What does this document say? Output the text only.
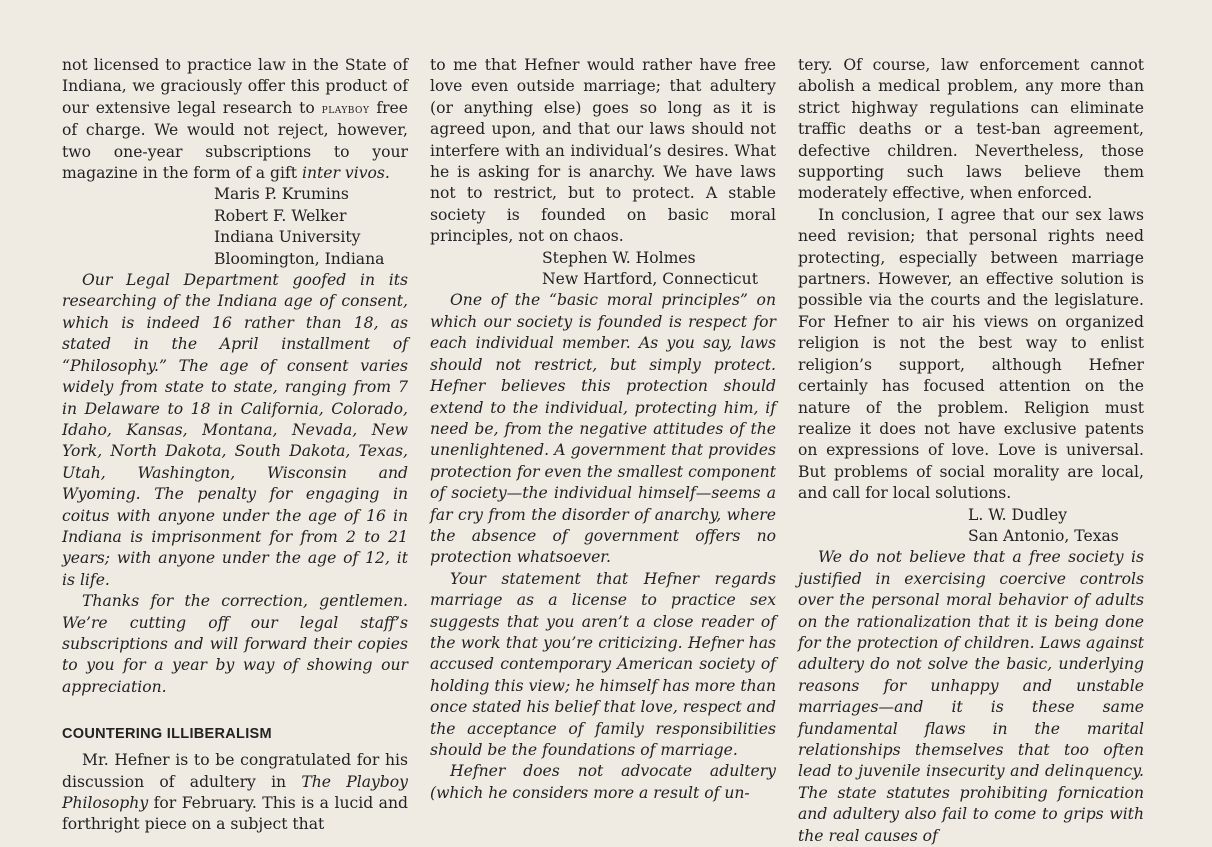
not licensed to practice law in the State of Indiana, we graciously offer this product of our extensive legal research to playboy free of charge. We would not reject, however, two one-year subscriptions to your magazine in the form of a gift inter vivos.

Maris P. Krumins

Robert F. Welker

Indiana University

Bloomington, Indiana

Our Legal Department goofed in its researching of the Indiana age of consent, which is indeed 16 rather than 18, as stated in the April installment of “Philosophy.” The age of consent varies widely from state to state, ranging from 7 in Delaware to 18 in California, Colorado, Idaho, Kansas, Montana, Nevada, New York, North Dakota, South Dakota, Texas, Utah, Washington, Wisconsin and Wyoming. The penalty for engaging in coitus with anyone under the age of 16 in Indiana is imprisonment for from 2 to 21 years; with anyone under the age of 12, it is life.

Thanks for the correction, gentlemen. We’re cutting off our legal staff’s subscriptions and will forward their copies to you for a year by way of showing our appreciation.

COUNTERING ILLIBERALISM

Mr. Hefner is to be congratulated for his discussion of adultery in The Playboy Philosophy for February. This is a lucid and forthright piece on a subject that

to me that Hefner would rather have free love even outside marriage; that adultery (or anything else) goes so long as it is agreed upon, and that our laws should not interfere with an individual’s desires. What he is asking for is anarchy. We have laws not to restrict, but to protect. A stable society is founded on basic moral principles, not on chaos.

Stephen W. Holmes

New Hartford, Connecticut

One of the “basic moral principles” on which our society is founded is respect for each individual member. As you say, laws should not restrict, but simply protect. Hefner believes this protection should extend to the individual, protecting him, if need be, from the negative attitudes of the unenlightened. A government that provides protection for even the smallest component of society—the individual himself—seems a far cry from the disorder of anarchy, where the absence of government offers no protection whatsoever.

Your statement that Hefner regards marriage as a license to practice sex suggests that you aren’t a close reader of the work that you’re criticizing. Hefner has accused contemporary American society of holding this view; he himself has more than once stated his belief that love, respect and the acceptance of family responsibilities should be the foundations of marriage.

Hefner does not advocate adultery (which he considers more a result of un-

tery. Of course, law enforcement cannot abolish a medical problem, any more than strict highway regulations can eliminate traffic deaths or a test-ban agreement, defective children. Nevertheless, those supporting such laws believe them moderately effective, when enforced.

In conclusion, I agree that our sex laws need revision; that personal rights need protecting, especially between marriage partners. However, an effective solution is possible via the courts and the legislature. For Hefner to air his views on organized religion is not the best way to enlist religion’s support, although Hefner certainly has focused attention on the nature of the problem. Religion must realize it does not have exclusive patents on expressions of love. Love is universal. But problems of social morality are local, and call for local solutions.

L. W. Dudley

San Antonio, Texas

We do not believe that a free society is justified in exercising coercive controls over the personal moral behavior of adults on the rationalization that it is being done for the protection of children. Laws against adultery do not solve the basic, underlying reasons for unhappy and unstable marriages—and it is these same fundamental flaws in the marital relationships themselves that too often lead to juvenile insecurity and delinquency. The state statutes prohibiting fornication and adultery also fail to come to grips with the real causes of
